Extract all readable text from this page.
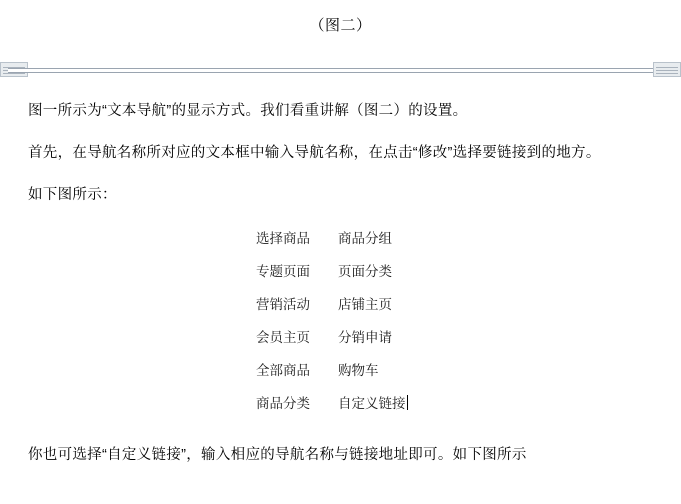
（图二）
图一所示为“文本导航”的显示方式。我们看重讲解（图二）的设置。
首先，在导航名称所对应的文本框中输入导航名称，在点击“修改”选择要链接到的地方。
如下图所示：
选择商品	商品分组
专题页面	页面分类
营销活动	店铺主页
会员主页	分销申请
全部商品	购物车
商品分类	自定义链接
你也可选择“自定义链接”，输入相应的导航名称与链接地址即可。如下图所示
